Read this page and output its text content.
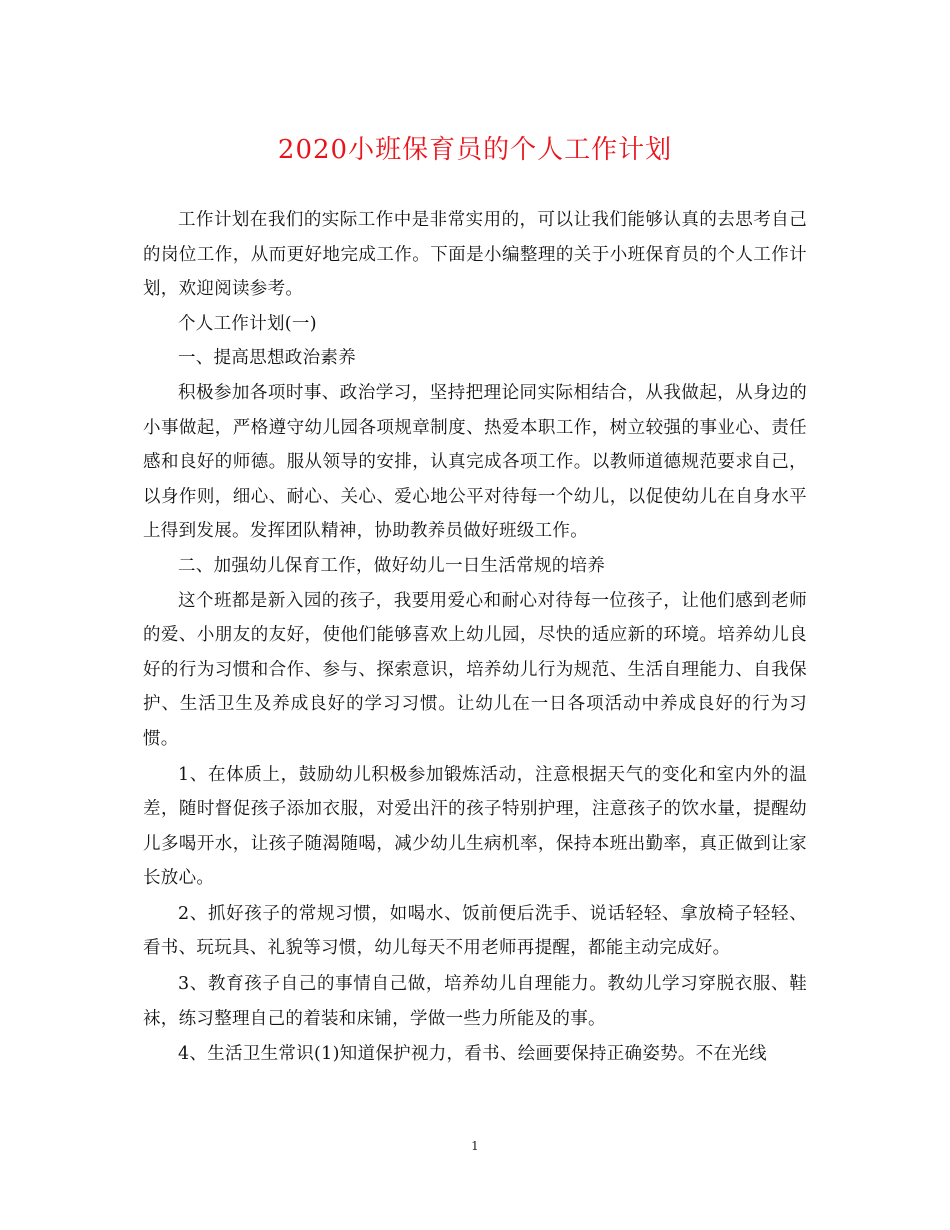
2020小班保育员的个人工作计划

工作计划在我们的实际工作中是非常实用的，可以让我们能够认真的去思考自己的岗位工作，从而更好地完成工作。下面是小编整理的关于小班保育员的个人工作计划，欢迎阅读参考。

个人工作计划(一)

一、提高思想政治素养

积极参加各项时事、政治学习，坚持把理论同实际相结合，从我做起，从身边的小事做起，严格遵守幼儿园各项规章制度、热爱本职工作，树立较强的事业心、责任感和良好的师德。服从领导的安排，认真完成各项工作。以教师道德规范要求自己，以身作则，细心、耐心、关心、爱心地公平对待每一个幼儿，以促使幼儿在自身水平上得到发展。发挥团队精神，协助教养员做好班级工作。

二、加强幼儿保育工作，做好幼儿一日生活常规的培养

这个班都是新入园的孩子，我要用爱心和耐心对待每一位孩子，让他们感到老师的爱、小朋友的友好，使他们能够喜欢上幼儿园，尽快的适应新的环境。培养幼儿良好的行为习惯和合作、参与、探索意识，培养幼儿行为规范、生活自理能力、自我保护、生活卫生及养成良好的学习习惯。让幼儿在一日各项活动中养成良好的行为习惯。

1、在体质上，鼓励幼儿积极参加锻炼活动，注意根据天气的变化和室内外的温差，随时督促孩子添加衣服，对爱出汗的孩子特别护理，注意孩子的饮水量，提醒幼儿多喝开水，让孩子随渴随喝，减少幼儿生病机率，保持本班出勤率，真正做到让家长放心。

2、抓好孩子的常规习惯，如喝水、饭前便后洗手、说话轻轻、拿放椅子轻轻、看书、玩玩具、礼貌等习惯，幼儿每天不用老师再提醒，都能主动完成好。

3、教育孩子自己的事情自己做，培养幼儿自理能力。教幼儿学习穿脱衣服、鞋袜，练习整理自己的着装和床铺，学做一些力所能及的事。

4、生活卫生常识(1)知道保护视力，看书、绘画要保持正确姿势。不在光线

1
